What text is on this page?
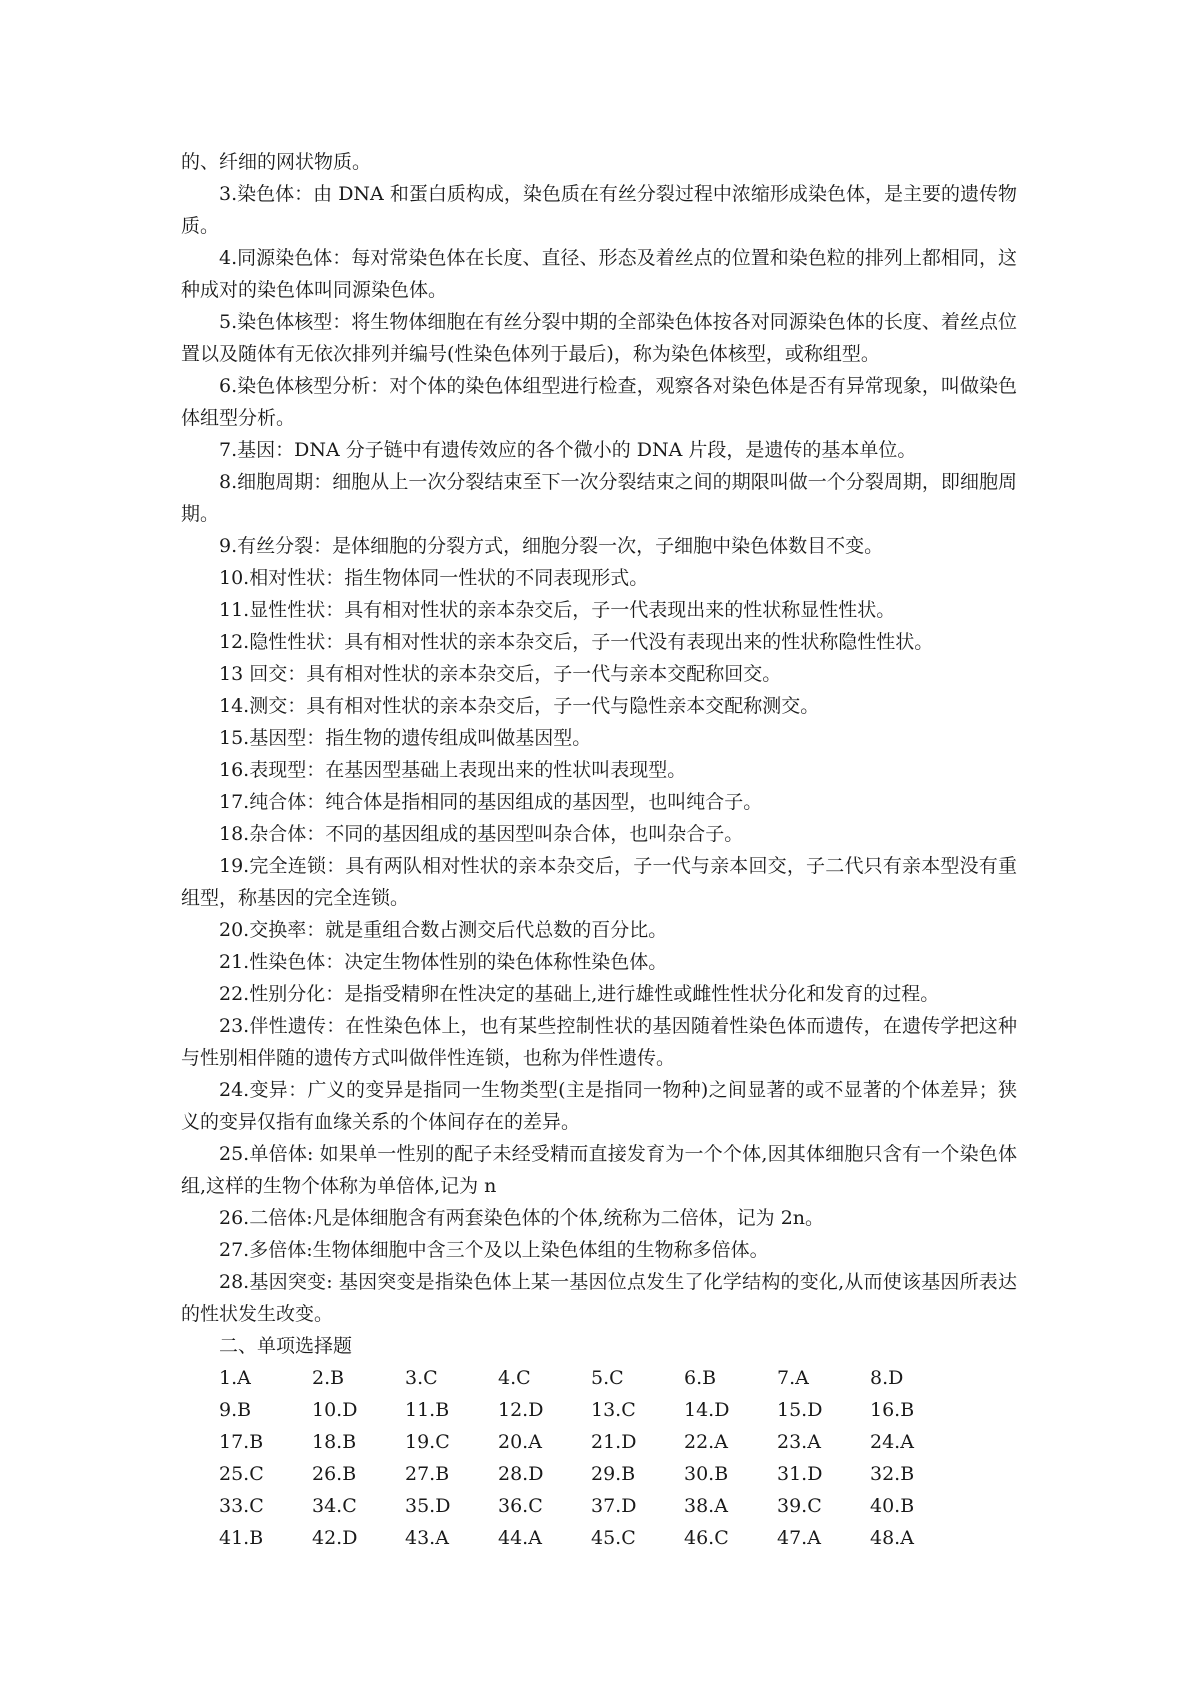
的、纤细的网状物质。

3.染色体：由 DNA 和蛋白质构成，染色质在有丝分裂过程中浓缩形成染色体，是主要的遗传物质。

4.同源染色体：每对常染色体在长度、直径、形态及着丝点的位置和染色粒的排列上都相同，这种成对的染色体叫同源染色体。

5.染色体核型：将生物体细胞在有丝分裂中期的全部染色体按各对同源染色体的长度、着丝点位置以及随体有无依次排列并编号(性染色体列于最后)，称为染色体核型，或称组型。

6.染色体核型分析：对个体的染色体组型进行检查，观察各对染色体是否有异常现象，叫做染色体组型分析。

7.基因：DNA 分子链中有遗传效应的各个微小的 DNA 片段，是遗传的基本单位。

8.细胞周期：细胞从上一次分裂结束至下一次分裂结束之间的期限叫做一个分裂周期，即细胞周期。

9.有丝分裂：是体细胞的分裂方式，细胞分裂一次，子细胞中染色体数目不变。

10.相对性状：指生物体同一性状的不同表现形式。

11.显性性状：具有相对性状的亲本杂交后，子一代表现出来的性状称显性性状。

12.隐性性状：具有相对性状的亲本杂交后，子一代没有表现出来的性状称隐性性状。

13 回交：具有相对性状的亲本杂交后，子一代与亲本交配称回交。

14.测交：具有相对性状的亲本杂交后，子一代与隐性亲本交配称测交。

15.基因型：指生物的遗传组成叫做基因型。

16.表现型：在基因型基础上表现出来的性状叫表现型。

17.纯合体：纯合体是指相同的基因组成的基因型，也叫纯合子。

18.杂合体：不同的基因组成的基因型叫杂合体，也叫杂合子。

19.完全连锁：具有两队相对性状的亲本杂交后，子一代与亲本回交，子二代只有亲本型没有重组型，称基因的完全连锁。

20.交换率：就是重组合数占测交后代总数的百分比。

21.性染色体：决定生物体性别的染色体称性染色体。

22.性别分化：是指受精卵在性决定的基础上,进行雄性或雌性性状分化和发育的过程。

23.伴性遗传：在性染色体上，也有某些控制性状的基因随着性染色体而遗传，在遗传学把这种与性别相伴随的遗传方式叫做伴性连锁，也称为伴性遗传。

24.变异：广义的变异是指同一生物类型(主是指同一物种)之间显著的或不显著的个体差异；狭义的变异仅指有血缘关系的个体间存在的差异。

25.单倍体: 如果单一性别的配子未经受精而直接发育为一个个体,因其体细胞只含有一个染色体组,这样的生物个体称为单倍体,记为 n

26.二倍体:凡是体细胞含有两套染色体的个体,统称为二倍体，记为 2n。

27.多倍体:生物体细胞中含三个及以上染色体组的生物称多倍体。

28.基因突变: 基因突变是指染色体上某一基因位点发生了化学结构的变化,从而使该基因所表达的性状发生改变。

二、单项选择题

1.A	2.B	3.C	4.C	5.C	6.B	7.A	8.D
9.B	10.D	11.B	12.D	13.C	14.D	15.D	16.B
17.B	18.B	19.C	20.A	21.D	22.A	23.A	24.A
25.C	26.B	27.B	28.D	29.B	30.B	31.D	32.B
33.C	34.C	35.D	36.C	37.D	38.A	39.C	40.B
41.B	42.D	43.A	44.A	45.C	46.C	47.A	48.A
